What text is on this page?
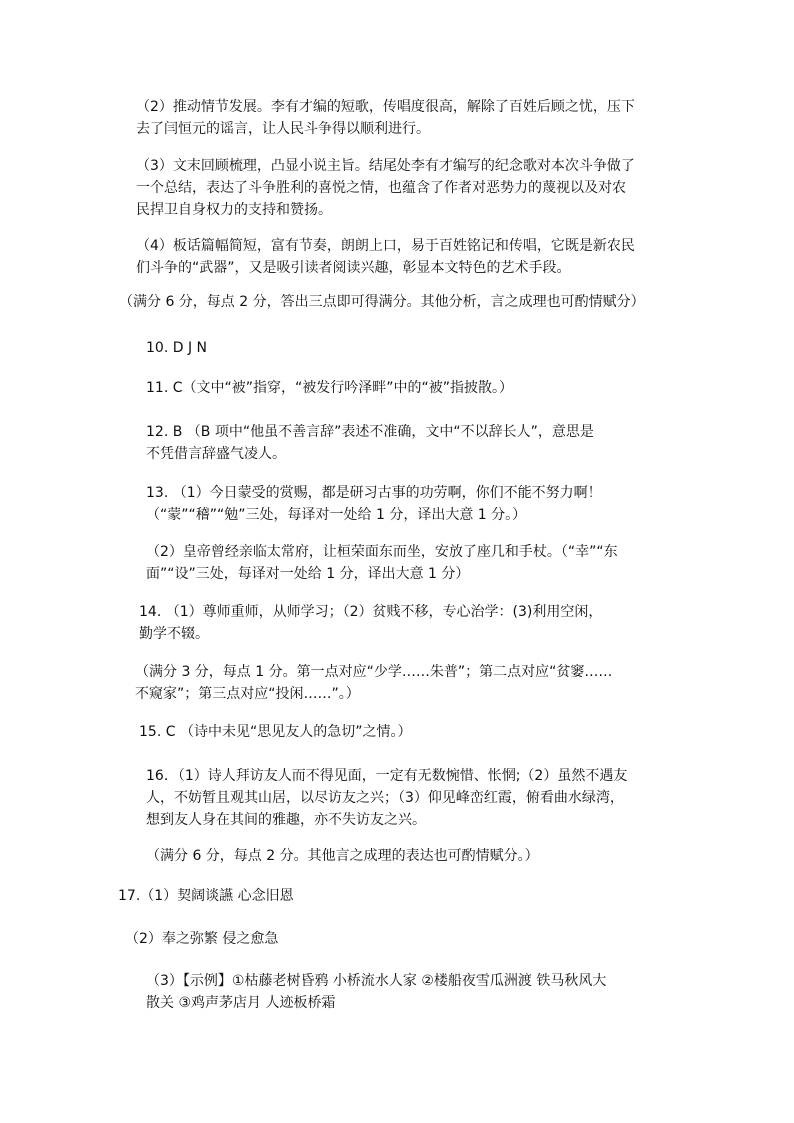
（2）推动情节发展。李有才编的短歌，传唱度很高，解除了百姓后顾之忧，压下
去了闫恒元的谣言，让人民斗争得以顺利进行。
（3）文末回顾梳理，凸显小说主旨。结尾处李有才编写的纪念歌对本次斗争做了
一个总结，表达了斗争胜利的喜悦之情，也蕴含了作者对恶势力的蔑视以及对农
民捍卫自身权力的支持和赞扬。
（4）板话篇幅简短，富有节奏，朗朗上口，易于百姓铭记和传唱，它既是新农民
们斗争的“武器”，又是吸引读者阅读兴趣，彰显本文特色的艺术手段。
（满分 6 分，每点 2 分，答出三点即可得满分。其他分析，言之成理也可酌情赋分）
10. D J N
11. C（文中“被”指穿，“被发行吟泽畔”中的“被”指披散。）
12. B （B 项中“他虽不善言辞”表述不准确，文中“不以辞长人”，意思是
不凭借言辞盛气凌人。
13. （1）今日蒙受的赏赐，都是研习古事的功劳啊，你们不能不努力啊！
（“蒙”“稽”“勉”三处，每译对一处给 1 分，译出大意 1 分。）
（2）皇帝曾经亲临太常府，让桓荣面东而坐，安放了座几和手杖。（“幸”“东
面”“设”三处，每译对一处给 1 分，译出大意 1 分）
14. （1）尊师重师，从师学习；（2）贫贱不移，专心治学：(3)利用空闲，
勤学不辍。
（满分 3 分，每点 1 分。第一点对应“少学……朱普”；第二点对应“贫窭……
不窥家”；第三点对应“投闲……”。）
15. C （诗中未见“思见友人的急切”之情。）
16．（1）诗人拜访友人而不得见面，一定有无数惋惜、怅惘;（2）虽然不遇友
人，不妨暂且观其山居，以尽访友之兴；（3）仰见峰峦红霞，俯看曲水绿湾，
想到友人身在其间的雅趣，亦不失访友之兴。
（满分 6 分，每点 2 分。其他言之成理的表达也可酌情赋分。）
17.（1）契阔谈讌 心念旧恩
（2）奉之弥繁 侵之愈急
（3）【示例】①枯藤老树昏鸦 小桥流水人家 ②楼船夜雪瓜洲渡 铁马秋风大
散关 ③鸡声茅店月 人迹板桥霜
